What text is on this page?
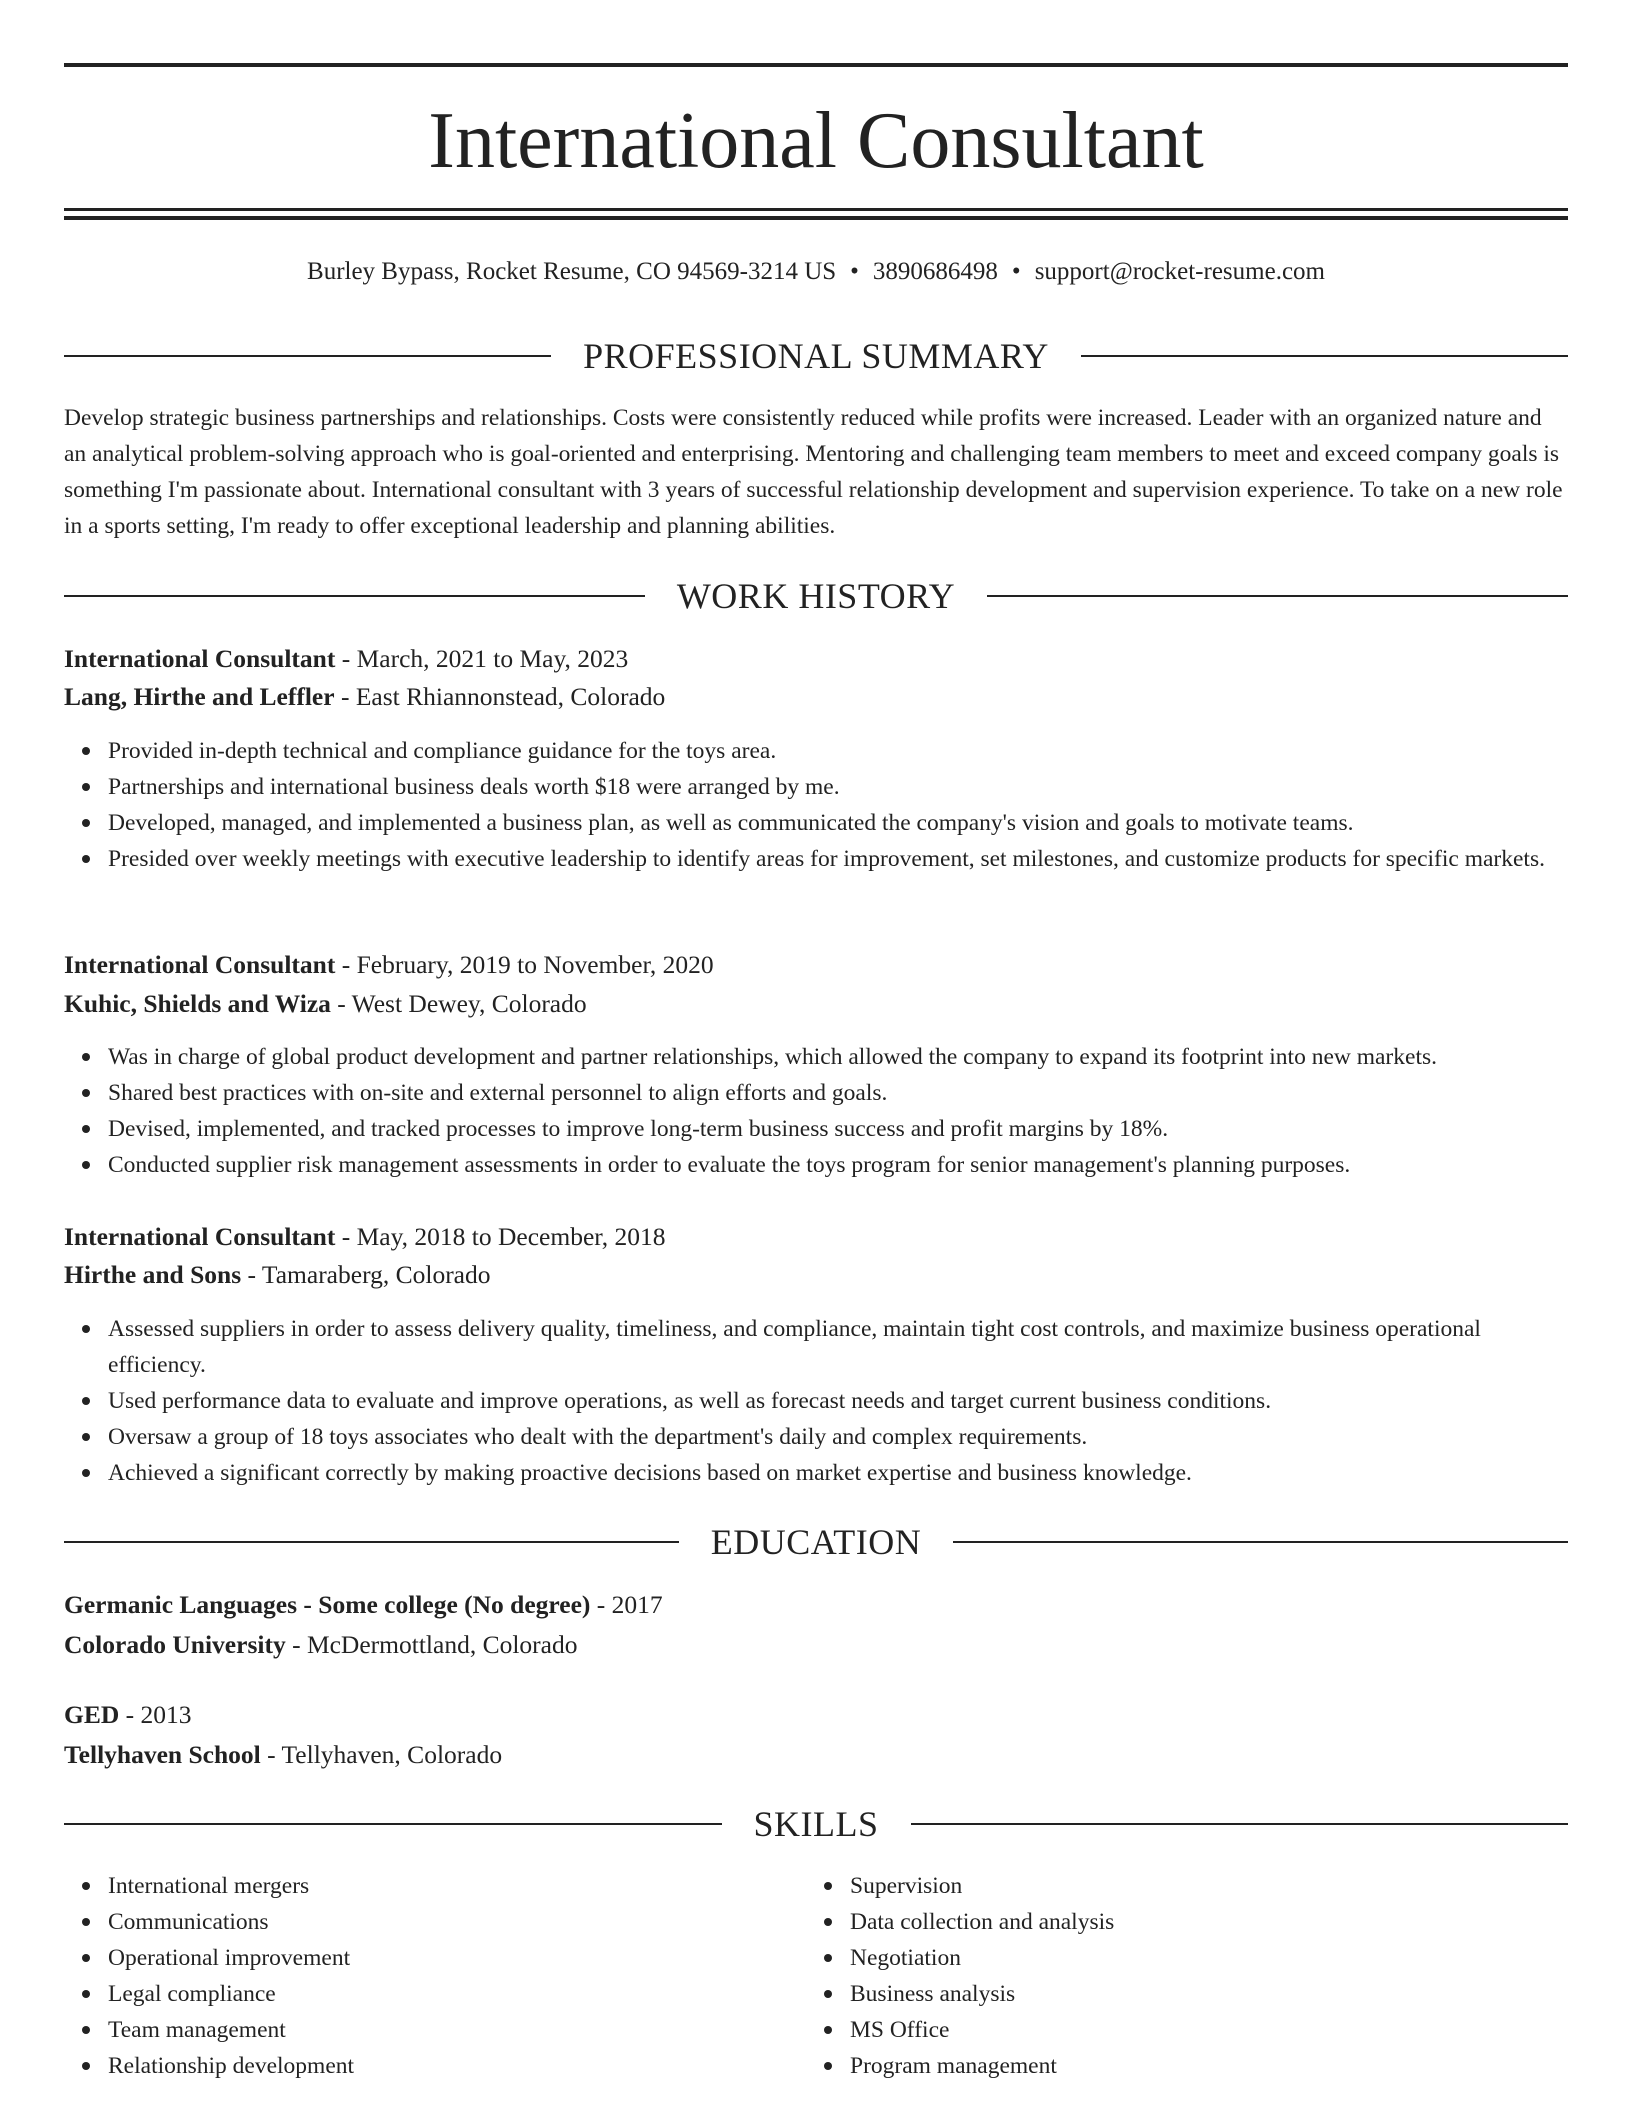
International Consultant
Burley Bypass, Rocket Resume, CO 94569-3214 US • 3890686498 • support@rocket-resume.com
PROFESSIONAL SUMMARY

Develop strategic business partnerships and relationships. Costs were consistently reduced while profits were increased. Leader with an organized nature and an analytical problem-solving approach who is goal-oriented and enterprising. Mentoring and challenging team members to meet and exceed company goals is something I'm passionate about. International consultant with 3 years of successful relationship development and supervision experience. To take on a new role in a sports setting, I'm ready to offer exceptional leadership and planning abilities.

WORK HISTORY
International Consultant - March, 2021 to May, 2023
Lang, Hirthe and Leffler - East Rhiannonstead, Colorado
Provided in-depth technical and compliance guidance for the toys area.
Partnerships and international business deals worth $18 were arranged by me.
Developed, managed, and implemented a business plan, as well as communicated the company's vision and goals to motivate teams.
Presided over weekly meetings with executive leadership to identify areas for improvement, set milestones, and customize products for specific markets.
International Consultant - February, 2019 to November, 2020
Kuhic, Shields and Wiza - West Dewey, Colorado
Was in charge of global product development and partner relationships, which allowed the company to expand its footprint into new markets.
Shared best practices with on-site and external personnel to align efforts and goals.
Devised, implemented, and tracked processes to improve long-term business success and profit margins by 18%.
Conducted supplier risk management assessments in order to evaluate the toys program for senior management's planning purposes.
International Consultant - May, 2018 to December, 2018
Hirthe and Sons - Tamaraberg, Colorado
Assessed suppliers in order to assess delivery quality, timeliness, and compliance, maintain tight cost controls, and maximize business operational efficiency.
Used performance data to evaluate and improve operations, as well as forecast needs and target current business conditions.
Oversaw a group of 18 toys associates who dealt with the department's daily and complex requirements.
Achieved a significant correctly by making proactive decisions based on market expertise and business knowledge.
EDUCATION
Germanic Languages - Some college (No degree) - 2017
Colorado University - McDermottland, Colorado
GED - 2013
Tellyhaven School - Tellyhaven, Colorado
SKILLS
International mergers
Communications
Operational improvement
Legal compliance
Team management
Relationship development
Supervision
Data collection and analysis
Negotiation
Business analysis
MS Office
Program management
